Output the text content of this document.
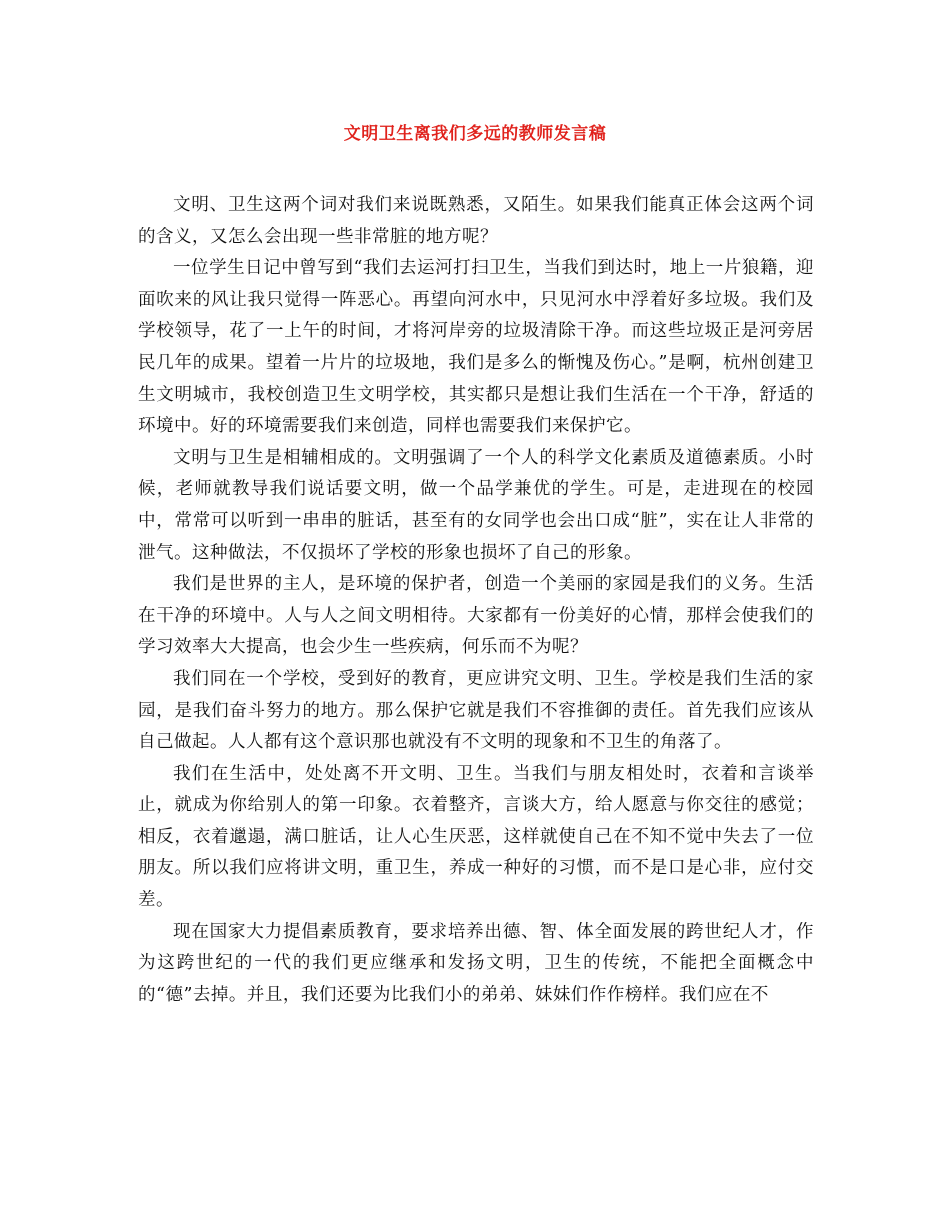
文明卫生离我们多远的教师发言稿

文明、卫生这两个词对我们来说既熟悉，又陌生。如果我们能真正体会这两个词的含义，又怎么会出现一些非常脏的地方呢？

一位学生日记中曾写到“我们去运河打扫卫生，当我们到达时，地上一片狼籍，迎面吹来的风让我只觉得一阵恶心。再望向河水中，只见河水中浮着好多垃圾。我们及学校领导，花了一上午的时间，才将河岸旁的垃圾清除干净。而这些垃圾正是河旁居民几年的成果。望着一片片的垃圾地，我们是多么的惭愧及伤心。”是啊，杭州创建卫生文明城市，我校创造卫生文明学校，其实都只是想让我们生活在一个干净，舒适的环境中。好的环境需要我们来创造，同样也需要我们来保护它。

文明与卫生是相辅相成的。文明强调了一个人的科学文化素质及道德素质。小时候，老师就教导我们说话要文明，做一个品学兼优的学生。可是，走进现在的校园中，常常可以听到一串串的脏话，甚至有的女同学也会出口成“脏”，实在让人非常的泄气。这种做法，不仅损坏了学校的形象也损坏了自己的形象。

我们是世界的主人，是环境的保护者，创造一个美丽的家园是我们的义务。生活在干净的环境中。人与人之间文明相待。大家都有一份美好的心情，那样会使我们的学习效率大大提高，也会少生一些疾病，何乐而不为呢？

我们同在一个学校，受到好的教育，更应讲究文明、卫生。学校是我们生活的家园，是我们奋斗努力的地方。那么保护它就是我们不容推御的责任。首先我们应该从自己做起。人人都有这个意识那也就没有不文明的现象和不卫生的角落了。

我们在生活中，处处离不开文明、卫生。当我们与朋友相处时，衣着和言谈举止，就成为你给别人的第一印象。衣着整齐，言谈大方，给人愿意与你交往的感觉；相反，衣着邋遢，满口脏话，让人心生厌恶，这样就使自己在不知不觉中失去了一位朋友。所以我们应将讲文明，重卫生，养成一种好的习惯，而不是口是心非，应付交差。

现在国家大力提倡素质教育，要求培养出德、智、体全面发展的跨世纪人才，作为这跨世纪的一代的我们更应继承和发扬文明，卫生的传统，不能把全面概念中的“德”去掉。并且，我们还要为比我们小的弟弟、妹妹们作作榜样。我们应在不
